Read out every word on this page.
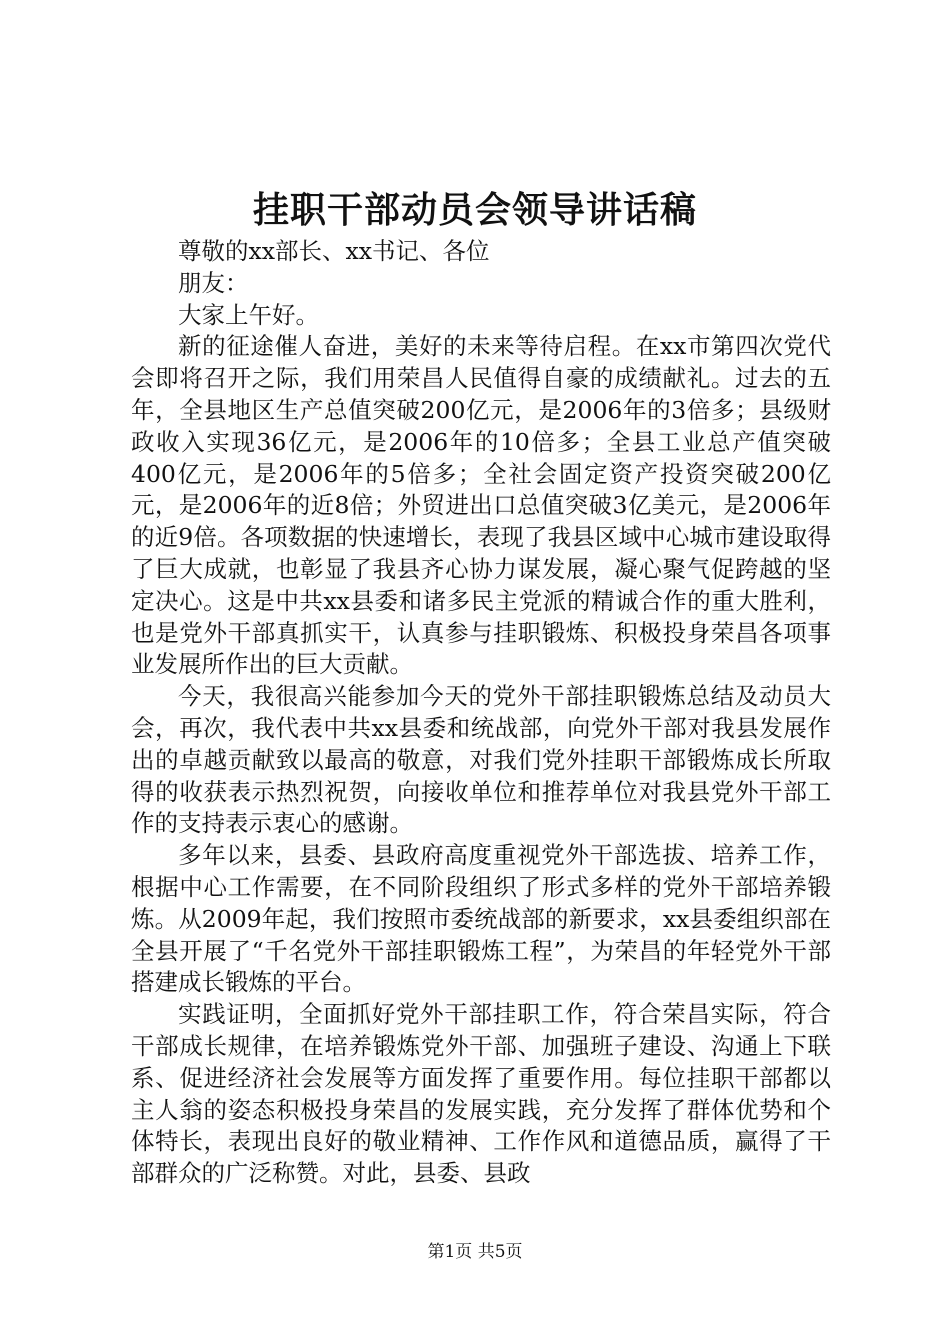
挂职干部动员会领导讲话稿

尊敬的xx部长、xx书记、各位

朋友：

大家上午好。

新的征途催人奋进，美好的未来等待启程。在xx市第四次党代会即将召开之际，我们用荣昌人民值得自豪的成绩献礼。过去的五年，全县地区生产总值突破200亿元，是2006年的3倍多；县级财政收入实现36亿元，是2006年的10倍多；全县工业总产值突破400亿元，是2006年的5倍多；全社会固定资产投资突破200亿元，是2006年的近8倍；外贸进出口总值突破3亿美元，是2006年的近9倍。各项数据的快速增长，表现了我县区域中心城市建设取得了巨大成就，也彰显了我县齐心协力谋发展，凝心聚气促跨越的坚定决心。这是中共xx县委和诸多民主党派的精诚合作的重大胜利，也是党外干部真抓实干，认真参与挂职锻炼、积极投身荣昌各项事业发展所作出的巨大贡献。

今天，我很高兴能参加今天的党外干部挂职锻炼总结及动员大会，再次，我代表中共xx县委和统战部，向党外干部对我县发展作出的卓越贡献致以最高的敬意，对我们党外挂职干部锻炼成长所取得的收获表示热烈祝贺，向接收单位和推荐单位对我县党外干部工作的支持表示衷心的感谢。

多年以来，县委、县政府高度重视党外干部选拔、培养工作，根据中心工作需要，在不同阶段组织了形式多样的党外干部培养锻炼。从2009年起，我们按照市委统战部的新要求，xx县委组织部在全县开展了“千名党外干部挂职锻炼工程”，为荣昌的年轻党外干部搭建成长锻炼的平台。

实践证明，全面抓好党外干部挂职工作，符合荣昌实际，符合干部成长规律，在培养锻炼党外干部、加强班子建设、沟通上下联系、促进经济社会发展等方面发挥了重要作用。每位挂职干部都以主人翁的姿态积极投身荣昌的发展实践，充分发挥了群体优势和个体特长，表现出良好的敬业精神、工作作风和道德品质，赢得了干部群众的广泛称赞。对此，县委、县政

第1页 共5页
